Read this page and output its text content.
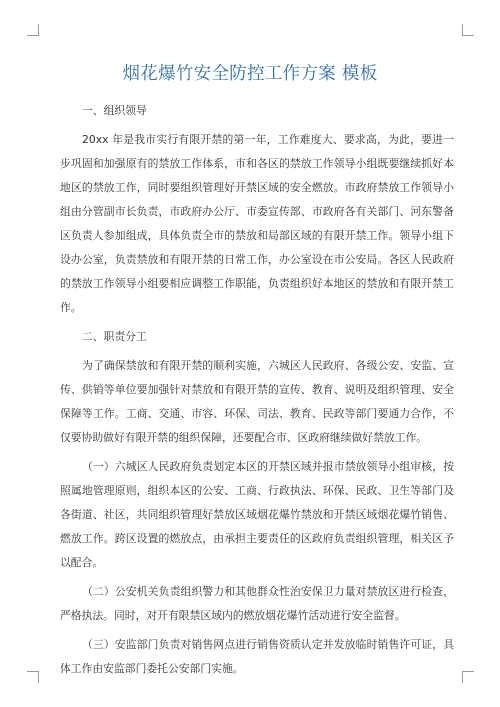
烟花爆竹安全防控工作方案 模板

一、组织领导

20xx 年是我市实行有限开禁的第一年，工作难度大、要求高，为此，要进一步巩固和加强原有的禁放工作体系，市和各区的禁放工作领导小组既要继续抓好本地区的禁放工作，同时要组织管理好开禁区域的安全燃放。市政府禁放工作领导小组由分管副市长负责，市政府办公厅、市委宣传部、市政府各有关部门、河东警备区负责人参加组成，具体负责全市的禁放和局部区域的有限开禁工作。领导小组下设办公室，负责禁放和有限开禁的日常工作，办公室设在市公安局。各区人民政府的禁放工作领导小组要相应调整工作职能，负责组织好本地区的禁放和有限开禁工作。

二、职责分工

为了确保禁放和有限开禁的顺利实施，六城区人民政府、各级公安、安监、宣传、供销等单位要加强针对禁放和有限开禁的宣传、教育、说明及组织管理、安全保障等工作。工商、交通、市容、环保、司法、教育、民政等部门要通力合作，不仅要协助做好有限开禁的组织保障，还要配合市、区政府继续做好禁放工作。

（一）六城区人民政府负责划定本区的开禁区域并报市禁放领导小组审核，按照属地管理原则，组织本区的公安、工商、行政执法、环保、民政、卫生等部门及各街道、社区，共同组织管理好禁放区域烟花爆竹禁放和开禁区域烟花爆竹销售、燃放工作。跨区设置的燃放点，由承担主要责任的区政府负责组织管理，相关区予以配合。

（二）公安机关负责组织警力和其他群众性治安保卫力量对禁放区进行检查，严格执法。同时，对开有限禁区域内的燃放烟花爆竹活动进行安全监督。

（三）安监部门负责对销售网点进行销售资质认定并发放临时销售许可证，具体工作由安监部门委托公安部门实施。
